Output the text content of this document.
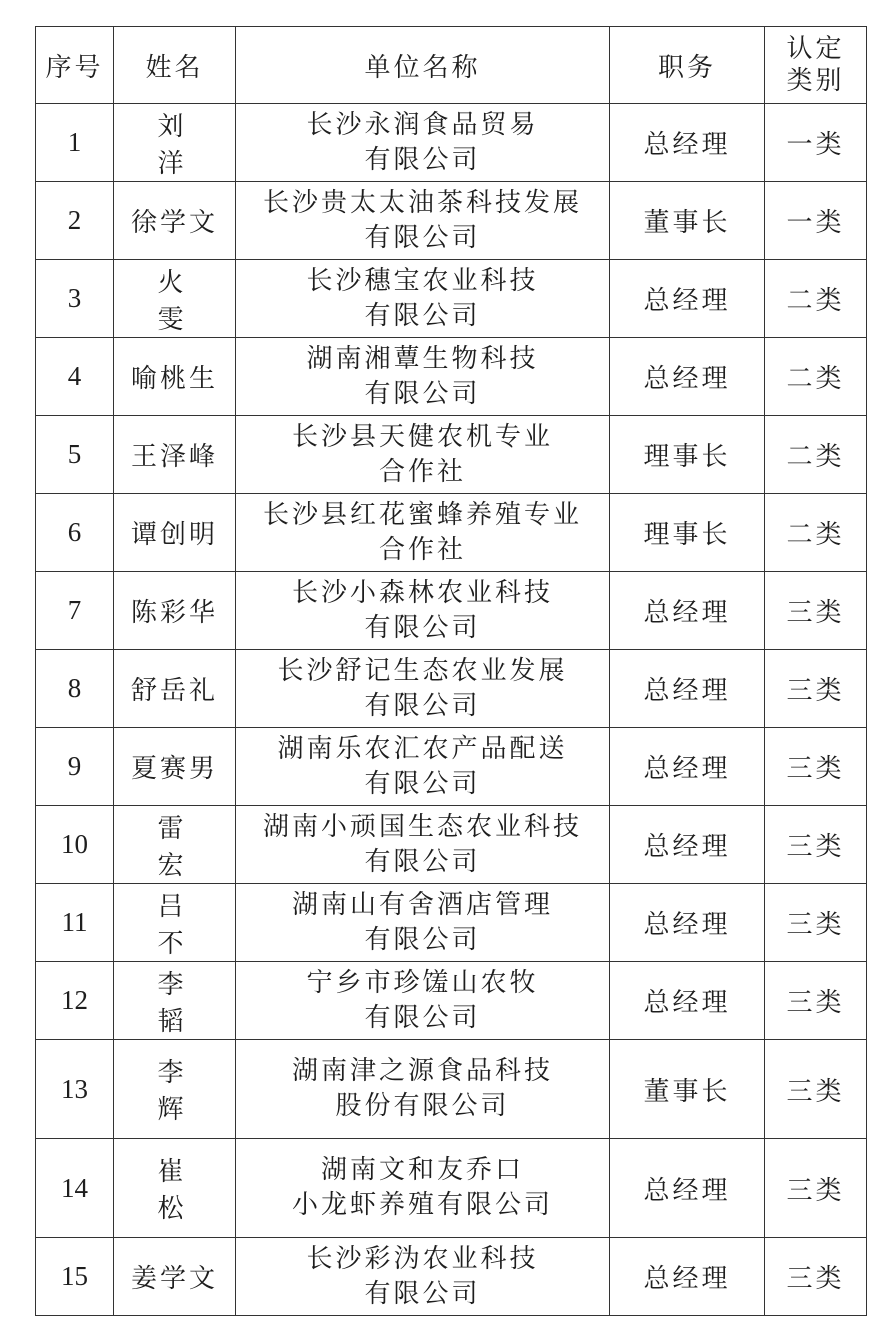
序号	姓名	单位名称	职务	认定
类别

1	刘洋	长沙永润食品贸易
有限公司	总经理	一类
2	徐学文	长沙贵太太油茶科技发展
有限公司	董事长	一类
3	火雯	长沙穗宝农业科技
有限公司	总经理	二类
4	喻桃生	湖南湘蕈生物科技
有限公司	总经理	二类
5	王泽峰	长沙县天健农机专业
合作社	理事长	二类
6	谭创明	长沙县红花蜜蜂养殖专业
合作社	理事长	二类
7	陈彩华	长沙小森林农业科技
有限公司	总经理	三类
8	舒岳礼	长沙舒记生态农业发展
有限公司	总经理	三类
9	夏赛男	湖南乐农汇农产品配送
有限公司	总经理	三类
10	雷宏	湖南小顽国生态农业科技
有限公司	总经理	三类
11	吕不	湖南山有舍酒店管理
有限公司	总经理	三类
12	李韬	宁乡市珍馐山农牧
有限公司	总经理	三类
13	李辉	湖南津之源食品科技
股份有限公司	董事长	三类
14	崔松	湖南文和友乔口
小龙虾养殖有限公司	总经理	三类
15	姜学文	长沙彩沩农业科技
有限公司	总经理	三类
